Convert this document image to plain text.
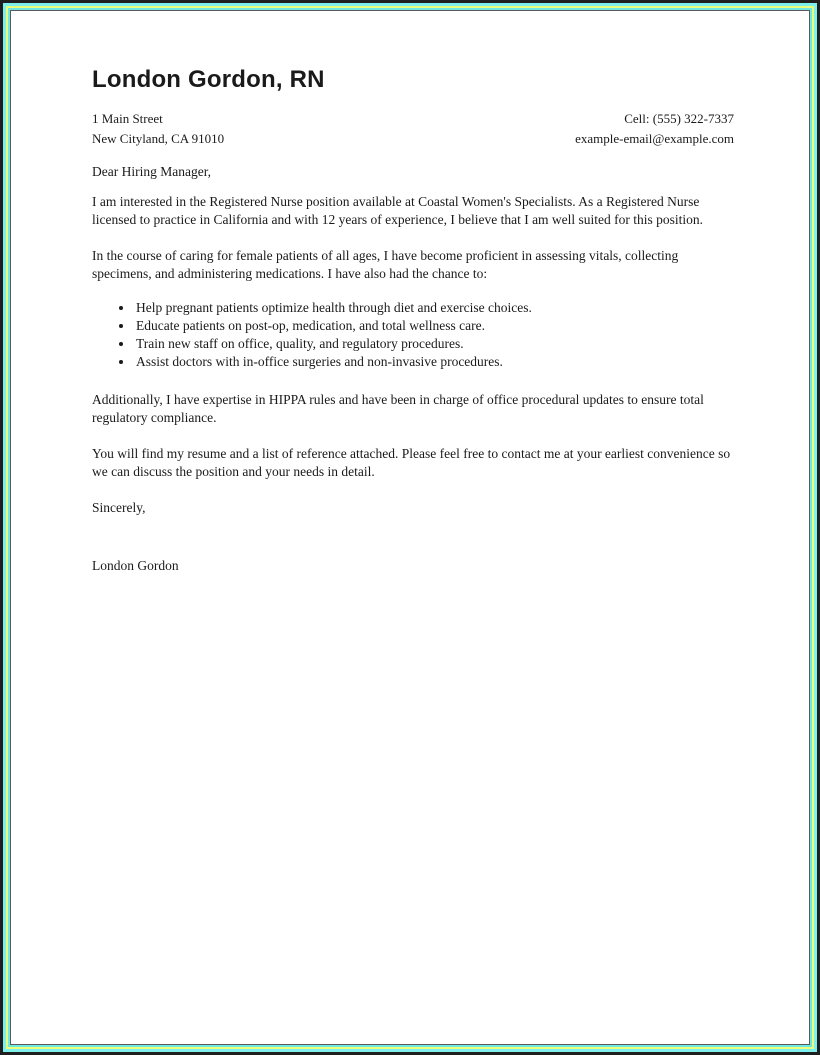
London Gordon, RN
1 Main Street
New Cityland, CA 91010
Cell: (555) 322-7337
example-email@example.com
Dear Hiring Manager,

I am interested in the Registered Nurse position available at Coastal Women's Specialists. As a Registered Nurse licensed to practice in California and with 12 years of experience, I believe that I am well suited for this position.

In the course of caring for female patients of all ages, I have become proficient in assessing vitals, collecting specimens, and administering medications. I have also had the chance to:

• Help pregnant patients optimize health through diet and exercise choices.
• Educate patients on post-op, medication, and total wellness care.
• Train new staff on office, quality, and regulatory procedures.
• Assist doctors with in-office surgeries and non-invasive procedures.

Additionally, I have expertise in HIPPA rules and have been in charge of office procedural updates to ensure total regulatory compliance.

You will find my resume and a list of reference attached. Please feel free to contact me at your earliest convenience so we can discuss the position and your needs in detail.

Sincerely,
London Gordon
